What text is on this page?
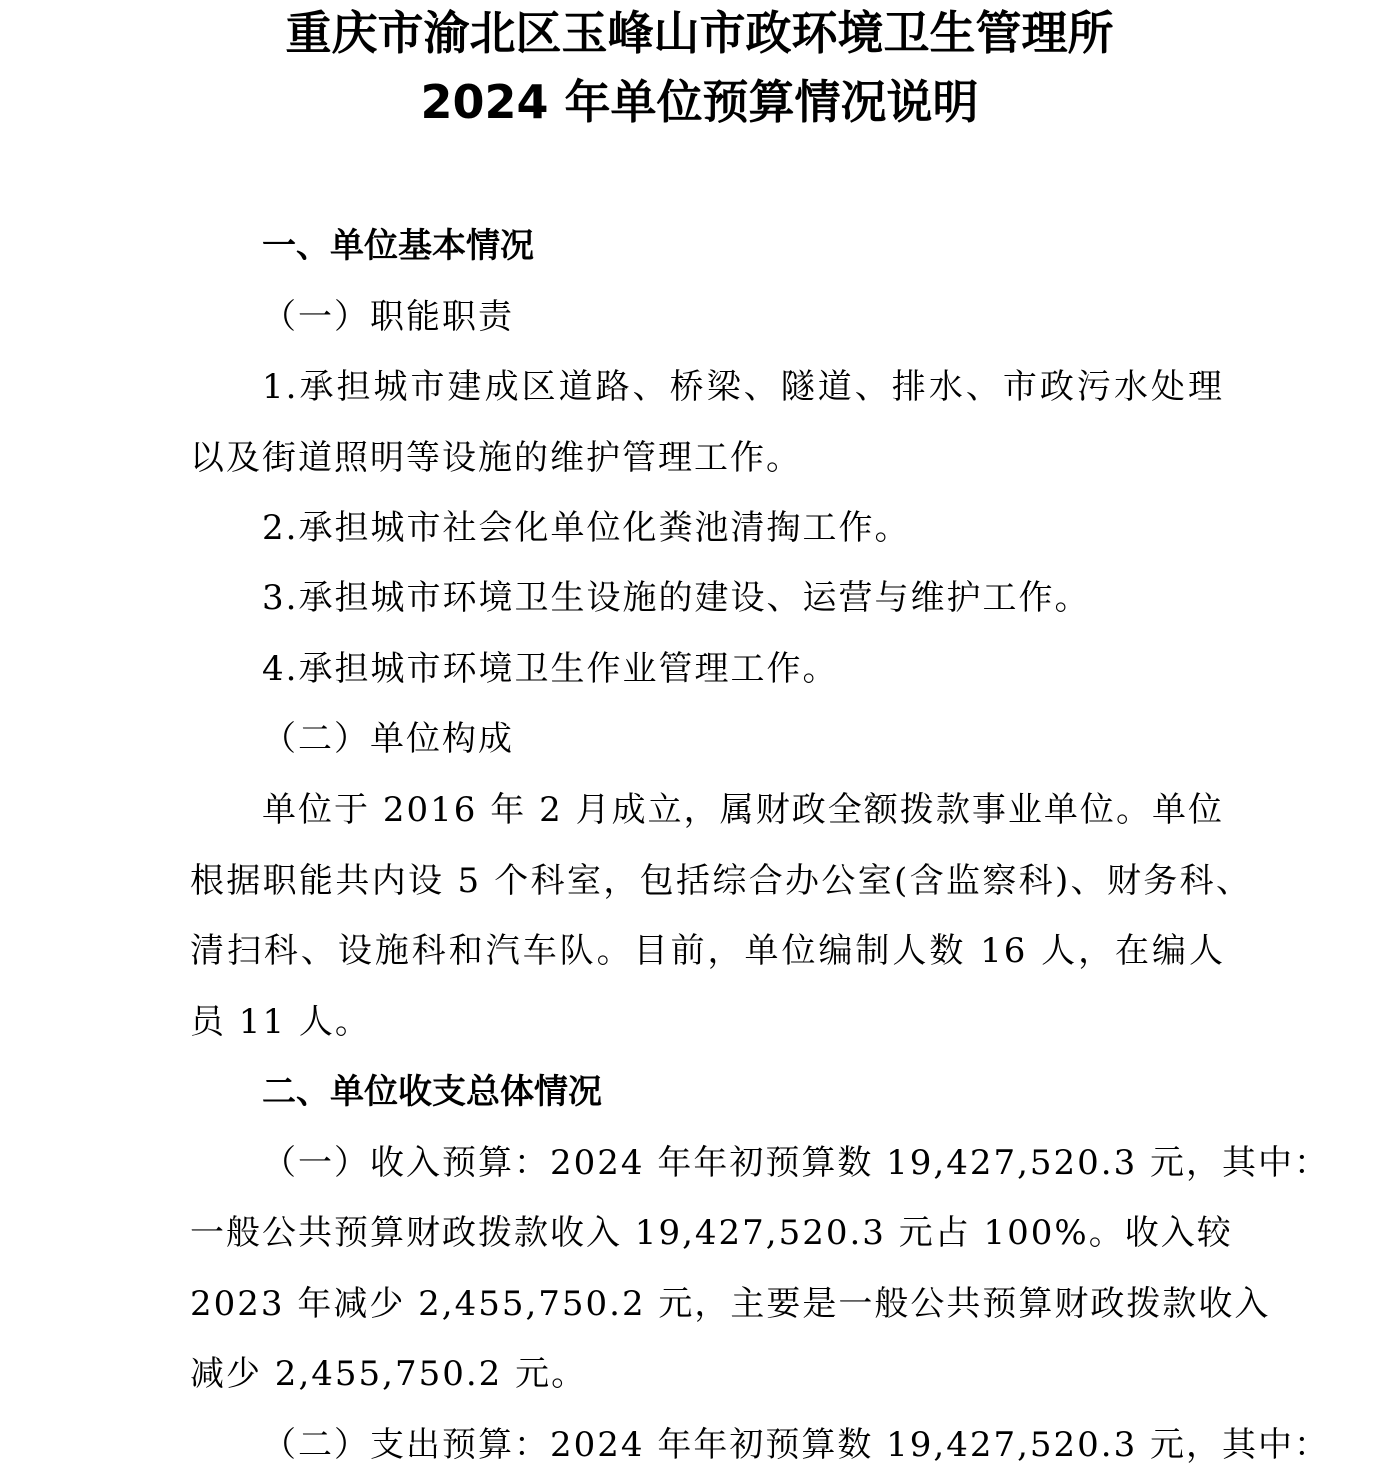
重庆市渝北区玉峰山市政环境卫生管理所
2024 年单位预算情况说明
一、单位基本情况
（一）职能职责
1.承担城市建成区道路、桥梁、隧道、排水、市政污水处理
以及街道照明等设施的维护管理工作。
2.承担城市社会化单位化粪池清掏工作。
3.承担城市环境卫生设施的建设、运营与维护工作。
4.承担城市环境卫生作业管理工作。
（二）单位构成
单位于 2016 年 2 月成立，属财政全额拨款事业单位。单位
根据职能共内设 5 个科室，包括综合办公室(含监察科)、财务科、
清扫科、设施科和汽车队。目前，单位编制人数 16 人，在编人
员 11 人。
二、单位收支总体情况
（一）收入预算：2024 年年初预算数 19,427,520.3 元，其中：
一般公共预算财政拨款收入 19,427,520.3 元占 100%。收入较
2023 年减少 2,455,750.2 元，主要是一般公共预算财政拨款收入
减少 2,455,750.2 元。
（二）支出预算：2024 年年初预算数 19,427,520.3 元，其中：
